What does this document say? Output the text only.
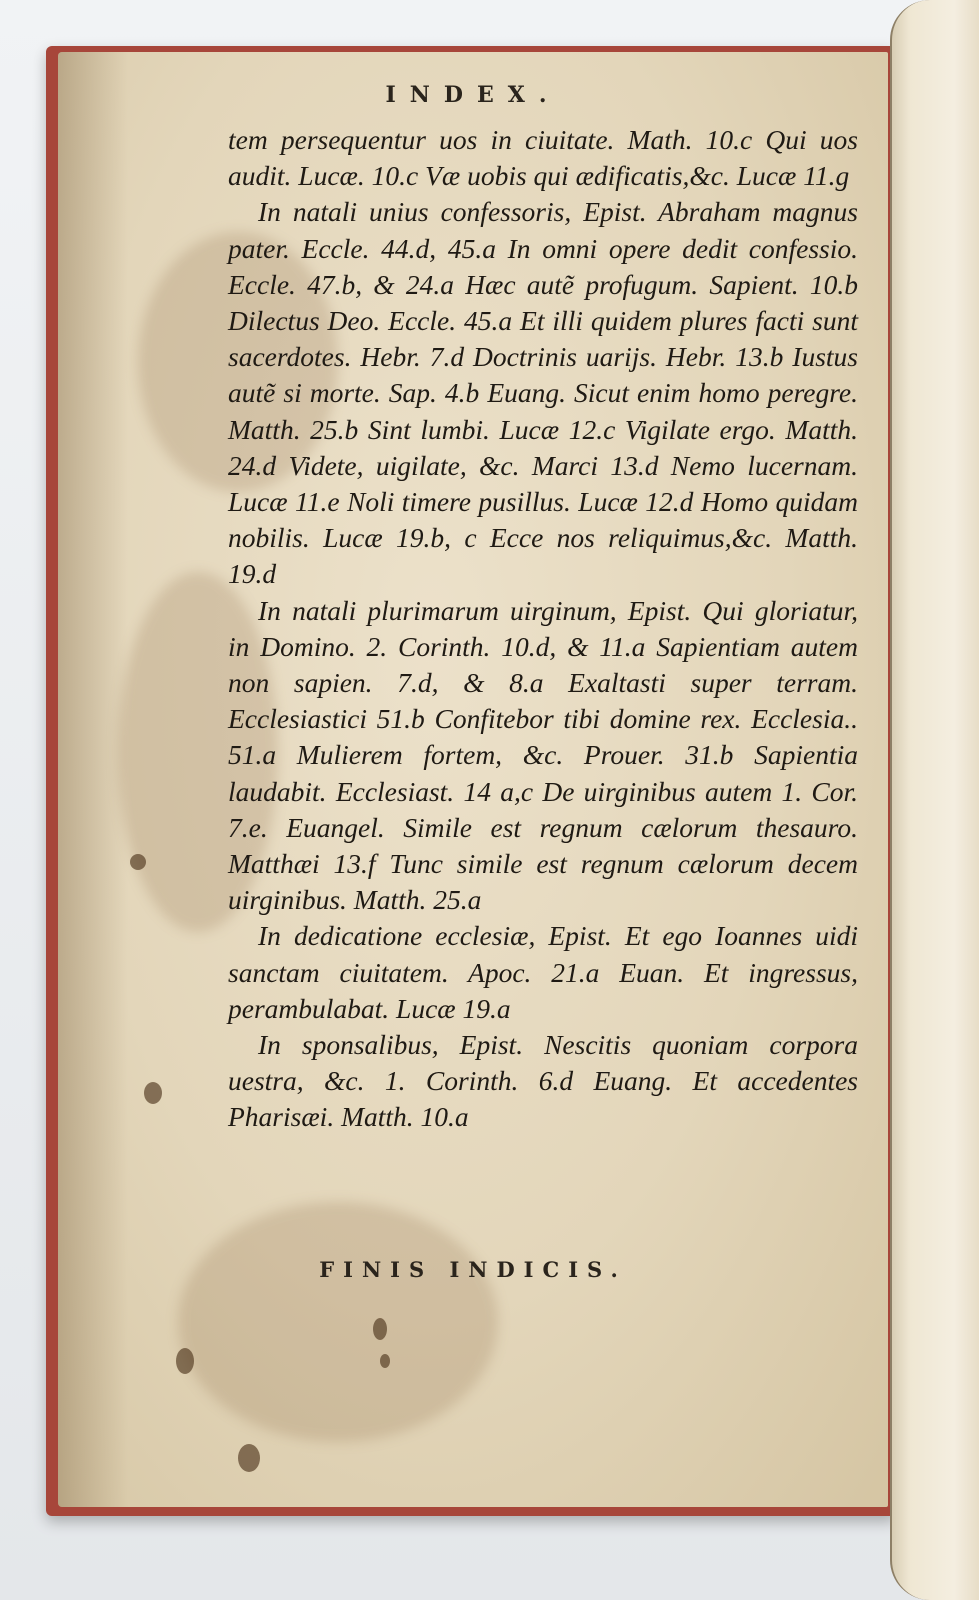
INDEX.

tem persequentur uos in ciuitate. Math. 10.c Qui uos audit. Lucæ. 10.c Væ uobis qui ædificatis,&c. Lucæ 11.g

In natali unius confessoris, Epist. Abraham magnus pater. Eccle. 44.d, 45.a In omni opere dedit confessio. Eccle. 47.b, & 24.a Hæc autẽ profugum. Sapient. 10.b Dilectus Deo. Eccle. 45.a Et illi quidem plures facti sunt sacerdotes. Hebr. 7.d Doctrinis uarijs. Hebr. 13.b Iustus autẽ si morte. Sap. 4.b Euang. Sicut enim homo peregre. Matth. 25.b Sint lumbi. Lucæ 12.c Vigilate ergo. Matth. 24.d Videte, uigilate, &c. Marci 13.d Nemo lucernam. Lucæ 11.e Noli timere pusillus. Lucæ 12.d Homo quidam nobilis. Lucæ 19.b, c Ecce nos reliquimus,&c. Matth. 19.d

In natali plurimarum uirginum, Epist. Qui gloriatur, in Domino. 2. Corinth. 10.d, & 11.a Sapientiam autem non sapien. 7.d, & 8.a Exaltasti super terram. Ecclesiastici 51.b Confitebor tibi domine rex. Ecclesia.. 51.a Mulierem fortem, &c. Prouer. 31.b Sapientia laudabit. Ecclesiast. 14 a,c De uirginibus autem 1. Cor. 7.e. Euangel. Simile est regnum cælorum thesauro. Matthæi 13.f Tunc simile est regnum cælorum decem uirginibus. Matth. 25.a

In dedicatione ecclesiæ, Epist. Et ego Ioannes uidi sanctam ciuitatem. Apoc. 21.a Euan. Et ingressus, perambulabat. Lucæ 19.a

In sponsalibus, Epist. Nescitis quoniam corpora uestra, &c. 1. Corinth. 6.d Euang. Et accedentes Pharisæi. Matth. 10.a

FINIS INDICIS.
